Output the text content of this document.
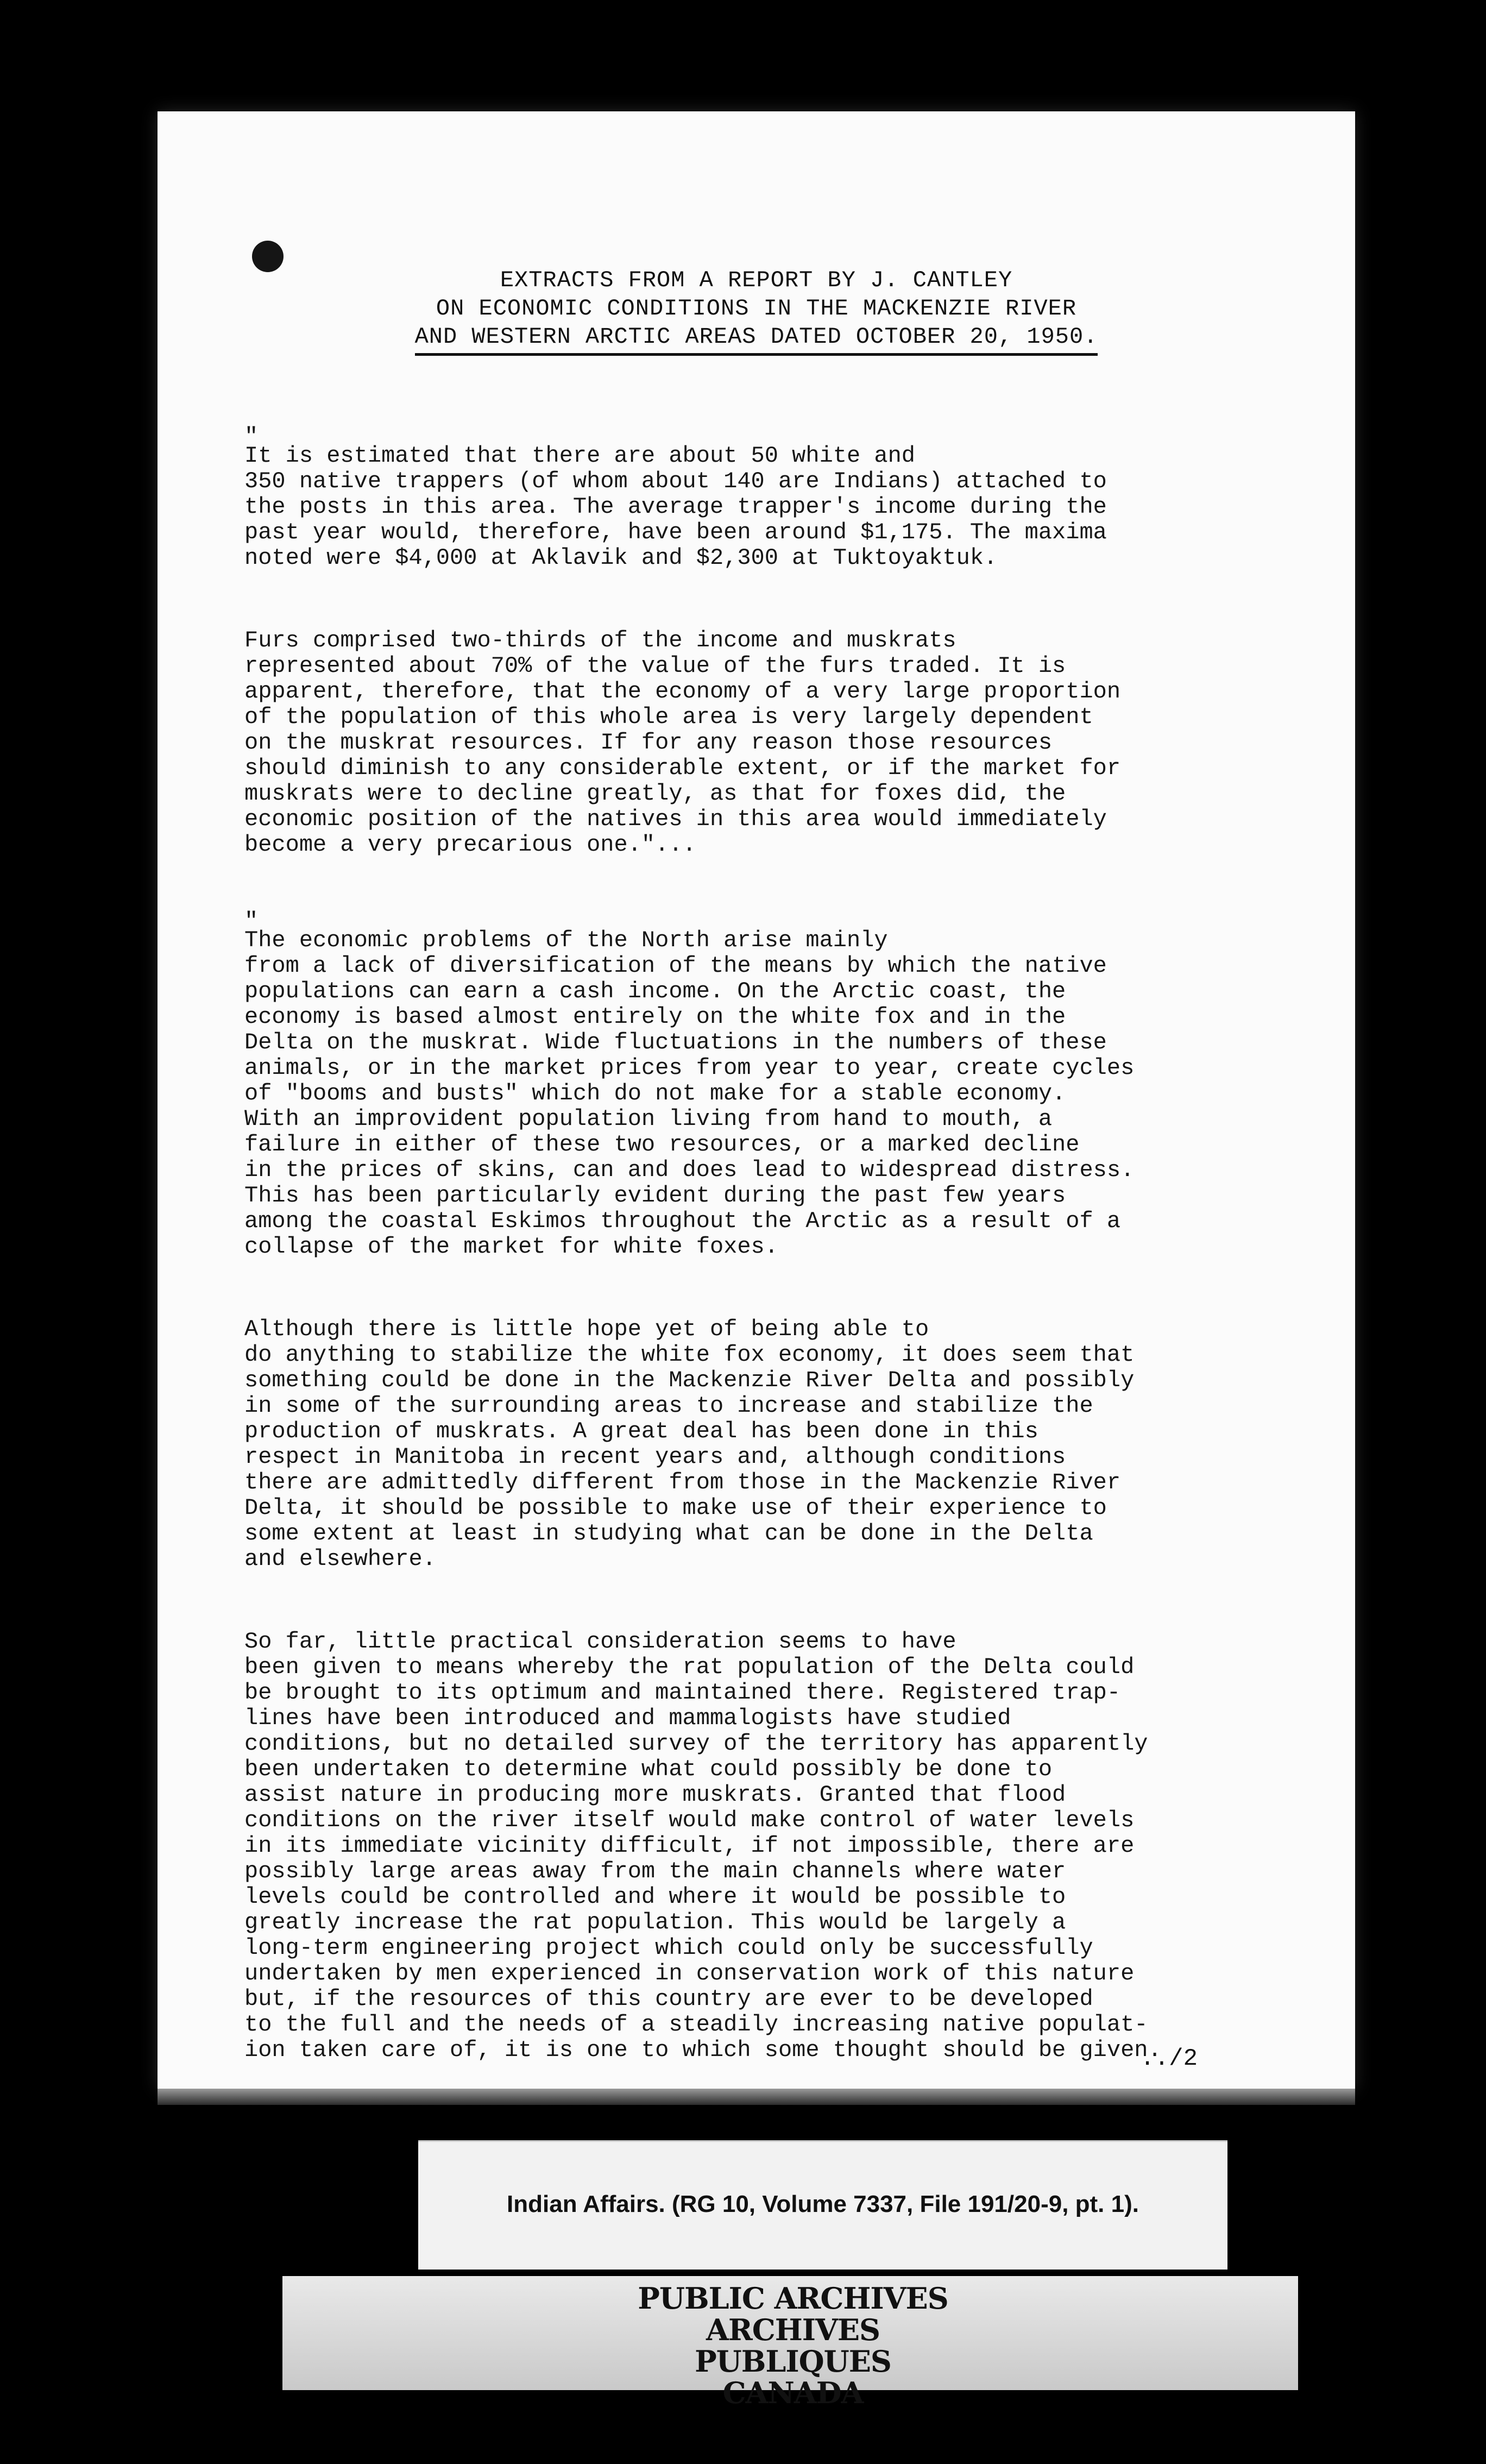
EXTRACTS FROM A REPORT BY J. CANTLEY
ON ECONOMIC CONDITIONS IN THE MACKENZIE RIVER
AND WESTERN ARCTIC AREAS DATED OCTOBER 20, 1950.

"
It is estimated that there are about 50 white and
350 native trappers (of whom about 140 are Indians) attached to
the posts in this area. The average trapper's income during the
past year would, therefore, have been around $1,175. The maxima
noted were $4,000 at Aklavik and $2,300 at Tuktoyaktuk.

Furs comprised two-thirds of the income and muskrats
represented about 70% of the value of the furs traded. It is
apparent, therefore, that the economy of a very large proportion
of the population of this whole area is very largely dependent
on the muskrat resources. If for any reason those resources
should diminish to any considerable extent, or if the market for
muskrats were to decline greatly, as that for foxes did, the
economic position of the natives in this area would immediately
become a very precarious one."...

"
The economic problems of the North arise mainly
from a lack of diversification of the means by which the native
populations can earn a cash income. On the Arctic coast, the
economy is based almost entirely on the white fox and in the
Delta on the muskrat. Wide fluctuations in the numbers of these
animals, or in the market prices from year to year, create cycles
of "booms and busts" which do not make for a stable economy.
With an improvident population living from hand to mouth, a
failure in either of these two resources, or a marked decline
in the prices of skins, can and does lead to widespread distress.
This has been particularly evident during the past few years
among the coastal Eskimos throughout the Arctic as a result of a
collapse of the market for white foxes.

Although there is little hope yet of being able to
do anything to stabilize the white fox economy, it does seem that
something could be done in the Mackenzie River Delta and possibly
in some of the surrounding areas to increase and stabilize the
production of muskrats. A great deal has been done in this
respect in Manitoba in recent years and, although conditions
there are admittedly different from those in the Mackenzie River
Delta, it should be possible to make use of their experience to
some extent at least in studying what can be done in the Delta
and elsewhere.

So far, little practical consideration seems to have
been given to means whereby the rat population of the Delta could
be brought to its optimum and maintained there. Registered trap-
lines have been introduced and mammalogists have studied
conditions, but no detailed survey of the territory has apparently
been undertaken to determine what could possibly be done to
assist nature in producing more muskrats. Granted that flood
conditions on the river itself would make control of water levels
in its immediate vicinity difficult, if not impossible, there are
possibly large areas away from the main channels where water
levels could be controlled and where it would be possible to
greatly increase the rat population. This would be largely a
long-term engineering project which could only be successfully
undertaken by men experienced in conservation work of this nature
but, if the resources of this country are ever to be developed
to the full and the needs of a steadily increasing native populat-
ion taken care of, it is one to which some thought should be given.

../2
Indian Affairs. (RG 10, Volume 7337, File 191/20-9, pt. 1).
PUBLIC ARCHIVES
ARCHIVES PUBLIQUES
CANADA
